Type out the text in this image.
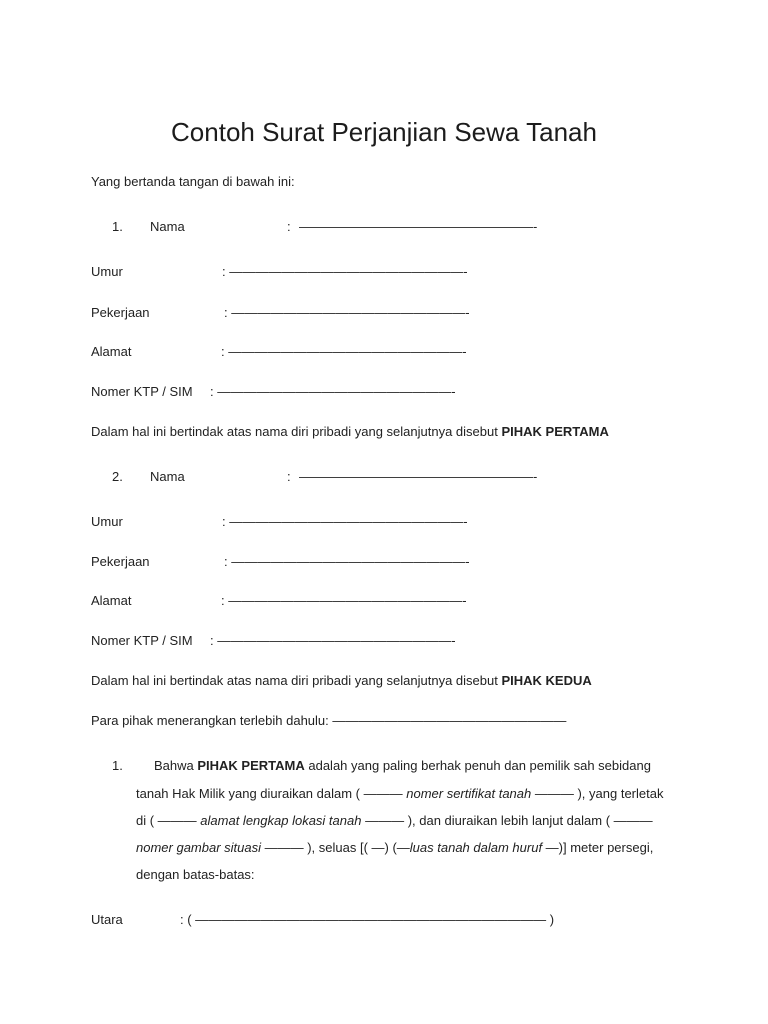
Contoh Surat Perjanjian Sewa Tanah
Yang bertanda tangan di bawah ini:
1. Nama	: ——————————————————-
Umur	: ——————————————————-
Pekerjaan	: ——————————————————-
Alamat	: ——————————————————-
Nomer KTP / SIM : ——————————————————-
Dalam hal ini bertindak atas nama diri pribadi yang selanjutnya disebut PIHAK PERTAMA
2. Nama	: ——————————————————-
Umur	: ——————————————————-
Pekerjaan	: ——————————————————-
Alamat	: ——————————————————-
Nomer KTP / SIM : ——————————————————-
Dalam hal ini bertindak atas nama diri pribadi yang selanjutnya disebut PIHAK KEDUA
Para pihak menerangkan terlebih dahulu: ——————————————————
1. Bahwa PIHAK PERTAMA adalah yang paling berhak penuh dan pemilik sah sebidang
tanah Hak Milik yang diuraikan dalam ( ——— nomer sertifikat tanah ——— ), yang terletak
di ( ——— alamat lengkap lokasi tanah ——— ), dan diuraikan lebih lanjut dalam ( ———
nomer gambar situasi ——— ), seluas [( —) (—luas tanah dalam huruf —)] meter persegi,
dengan batas-batas:
Utara	: ( ——————————————————————————— )
